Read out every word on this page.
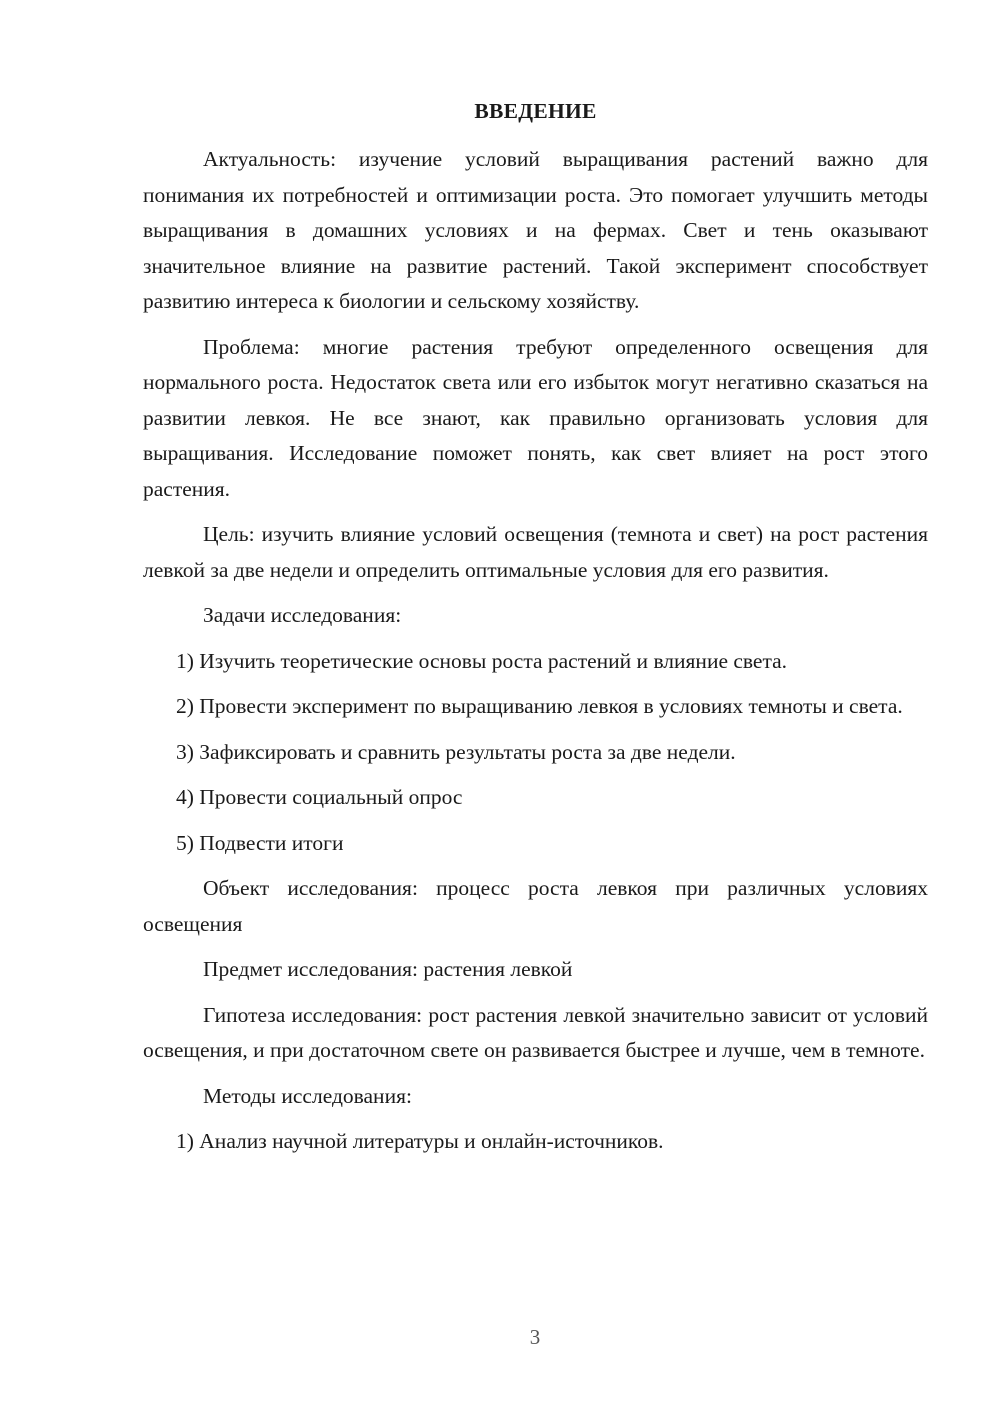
ВВЕДЕНИЕ

Актуальность: изучение условий выращивания растений важно для понимания их потребностей и оптимизации роста. Это помогает улучшить методы выращивания в домашних условиях и на фермах. Свет и тень оказывают значительное влияние на развитие растений. Такой эксперимент способствует развитию интереса к биологии и сельскому хозяйству.

Проблема: многие растения требуют определенного освещения для нормального роста. Недостаток света или его избыток могут негативно сказаться на развитии левкоя. Не все знают, как правильно организовать условия для выращивания. Исследование поможет понять, как свет влияет на рост этого растения.

Цель: изучить влияние условий освещения (темнота и свет) на рост растения левкой за две недели и определить оптимальные условия для его развития.

Задачи исследования:

1) Изучить теоретические основы роста растений и влияние света.

2) Провести эксперимент по выращиванию левкоя в условиях темноты и света.

3) Зафиксировать и сравнить результаты роста за две недели.

4) Провести социальный опрос

5) Подвести итоги

Объект исследования: процесс роста левкоя при различных условиях освещения

Предмет исследования: растения левкой

Гипотеза исследования: рост растения левкой значительно зависит от условий освещения, и при достаточном свете он развивается быстрее и лучше, чем в темноте.

Методы исследования:

1) Анализ научной литературы и онлайн-источников.

3
